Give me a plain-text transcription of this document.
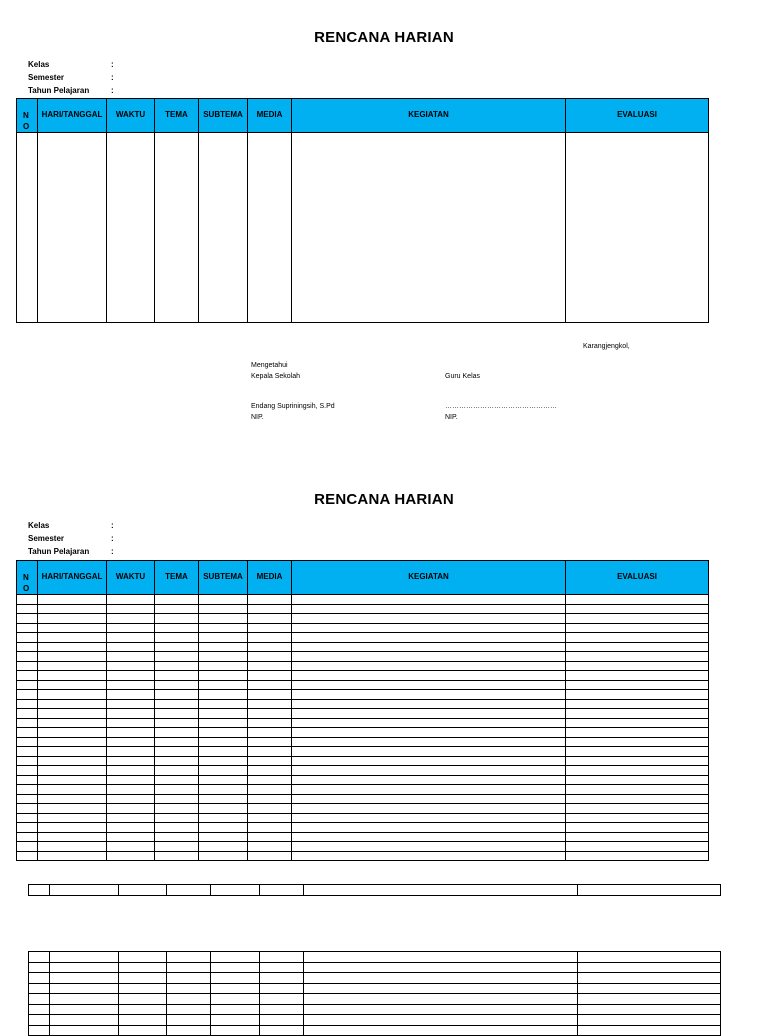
RENCANA HARIAN
Kelas	:
Semester	:
Tahun Pelajaran	:
N O	HARI/TANGGAL	WAKTU	TEMA	SUBTEMA	MEDIA	KEGIATAN	EVALUASI

Karangjengkol,
Mengetahui
Kepala Sekolah	Guru Kelas
Endang Supriningsih, S.Pd	…………………………………………
NIP.	NIP.
RENCANA HARIAN
Kelas	:
Semester	:
Tahun Pelajaran	:
N O	HARI/TANGGAL	WAKTU	TEMA	SUBTEMA	MEDIA	KEGIATAN	EVALUASI
